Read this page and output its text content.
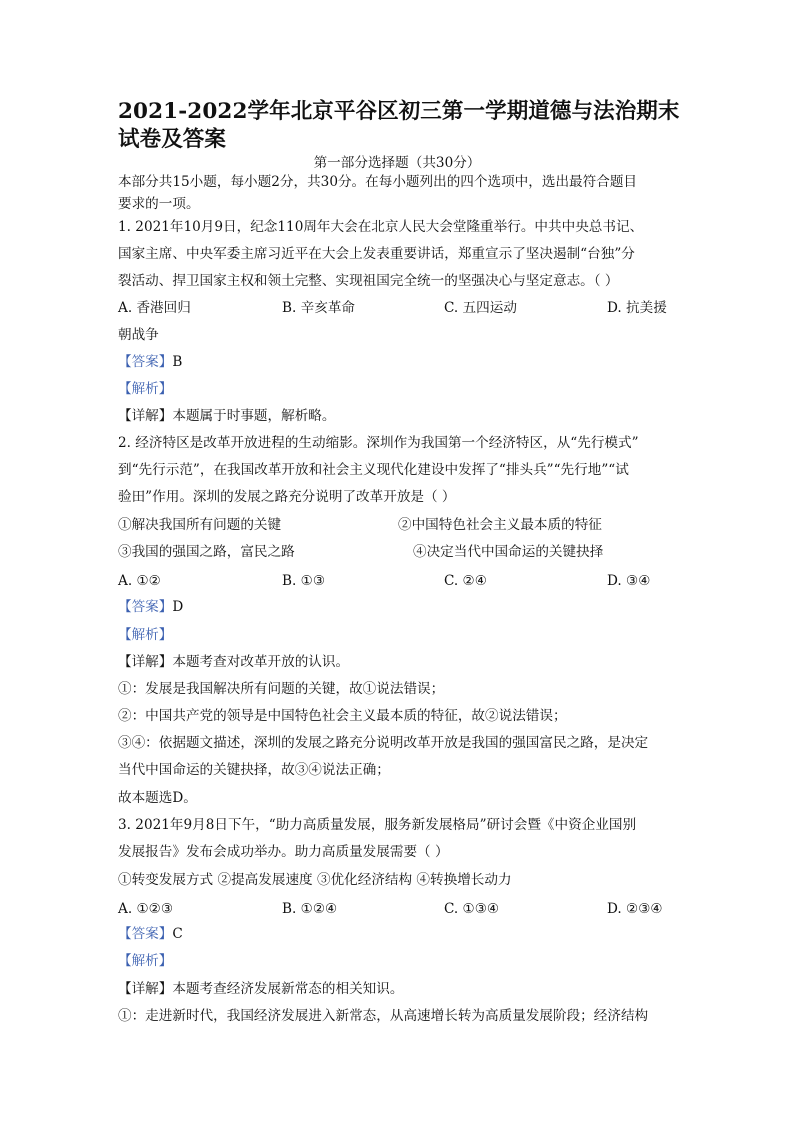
2021-2022学年北京平谷区初三第一学期道德与法治期末试卷及答案
第一部分选择题（共30分）
本部分共15小题，每小题2分，共30分。在每小题列出的四个选项中，选出最符合题目
要求的一项。
1. 2021年10月9日，纪念110周年大会在北京人民大会堂隆重举行。中共中央总书记、
国家主席、中央军委主席习近平在大会上发表重要讲话，郑重宣示了坚决遏制“台独”分
裂活动、捍卫国家主权和领土完整、实现祖国完全统一的坚强决心与坚定意志。（ ）
A. 香港回归	B. 辛亥革命	C. 五四运动	D. 抗美援
朝战争
【答案】B
【解析】
【详解】本题属于时事题，解析略。
2. 经济特区是改革开放进程的生动缩影。深圳作为我国第一个经济特区，从“先行模式”
到“先行示范”，在我国改革开放和社会主义现代化建设中发挥了“排头兵”“先行地”“试
验田”作用。深圳的发展之路充分说明了改革开放是（ ）
①解决我国所有问题的关键	②中国特色社会主义最本质的特征
③我国的强国之路，富民之路	④决定当代中国命运的关键抉择
A. ①②	B. ①③	C. ②④	D. ③④
【答案】D
【解析】
【详解】本题考查对改革开放的认识。
①：发展是我国解决所有问题的关键，故①说法错误；
②：中国共产党的领导是中国特色社会主义最本质的特征，故②说法错误；
③④：依据题文描述，深圳的发展之路充分说明改革开放是我国的强国富民之路，是决定
当代中国命运的关键抉择，故③④说法正确；
故本题选D。
3. 2021年9月8日下午，“助力高质量发展，服务新发展格局”研讨会暨《中资企业国别
发展报告》发布会成功举办。助力高质量发展需要（ ）
①转变发展方式 ②提高发展速度 ③优化经济结构 ④转换增长动力
A. ①②③	B. ①②④	C. ①③④	D. ②③④
【答案】C
【解析】
【详解】本题考查经济发展新常态的相关知识。
①：走进新时代，我国经济发展进入新常态，从高速增长转为高质量发展阶段；经济结构
